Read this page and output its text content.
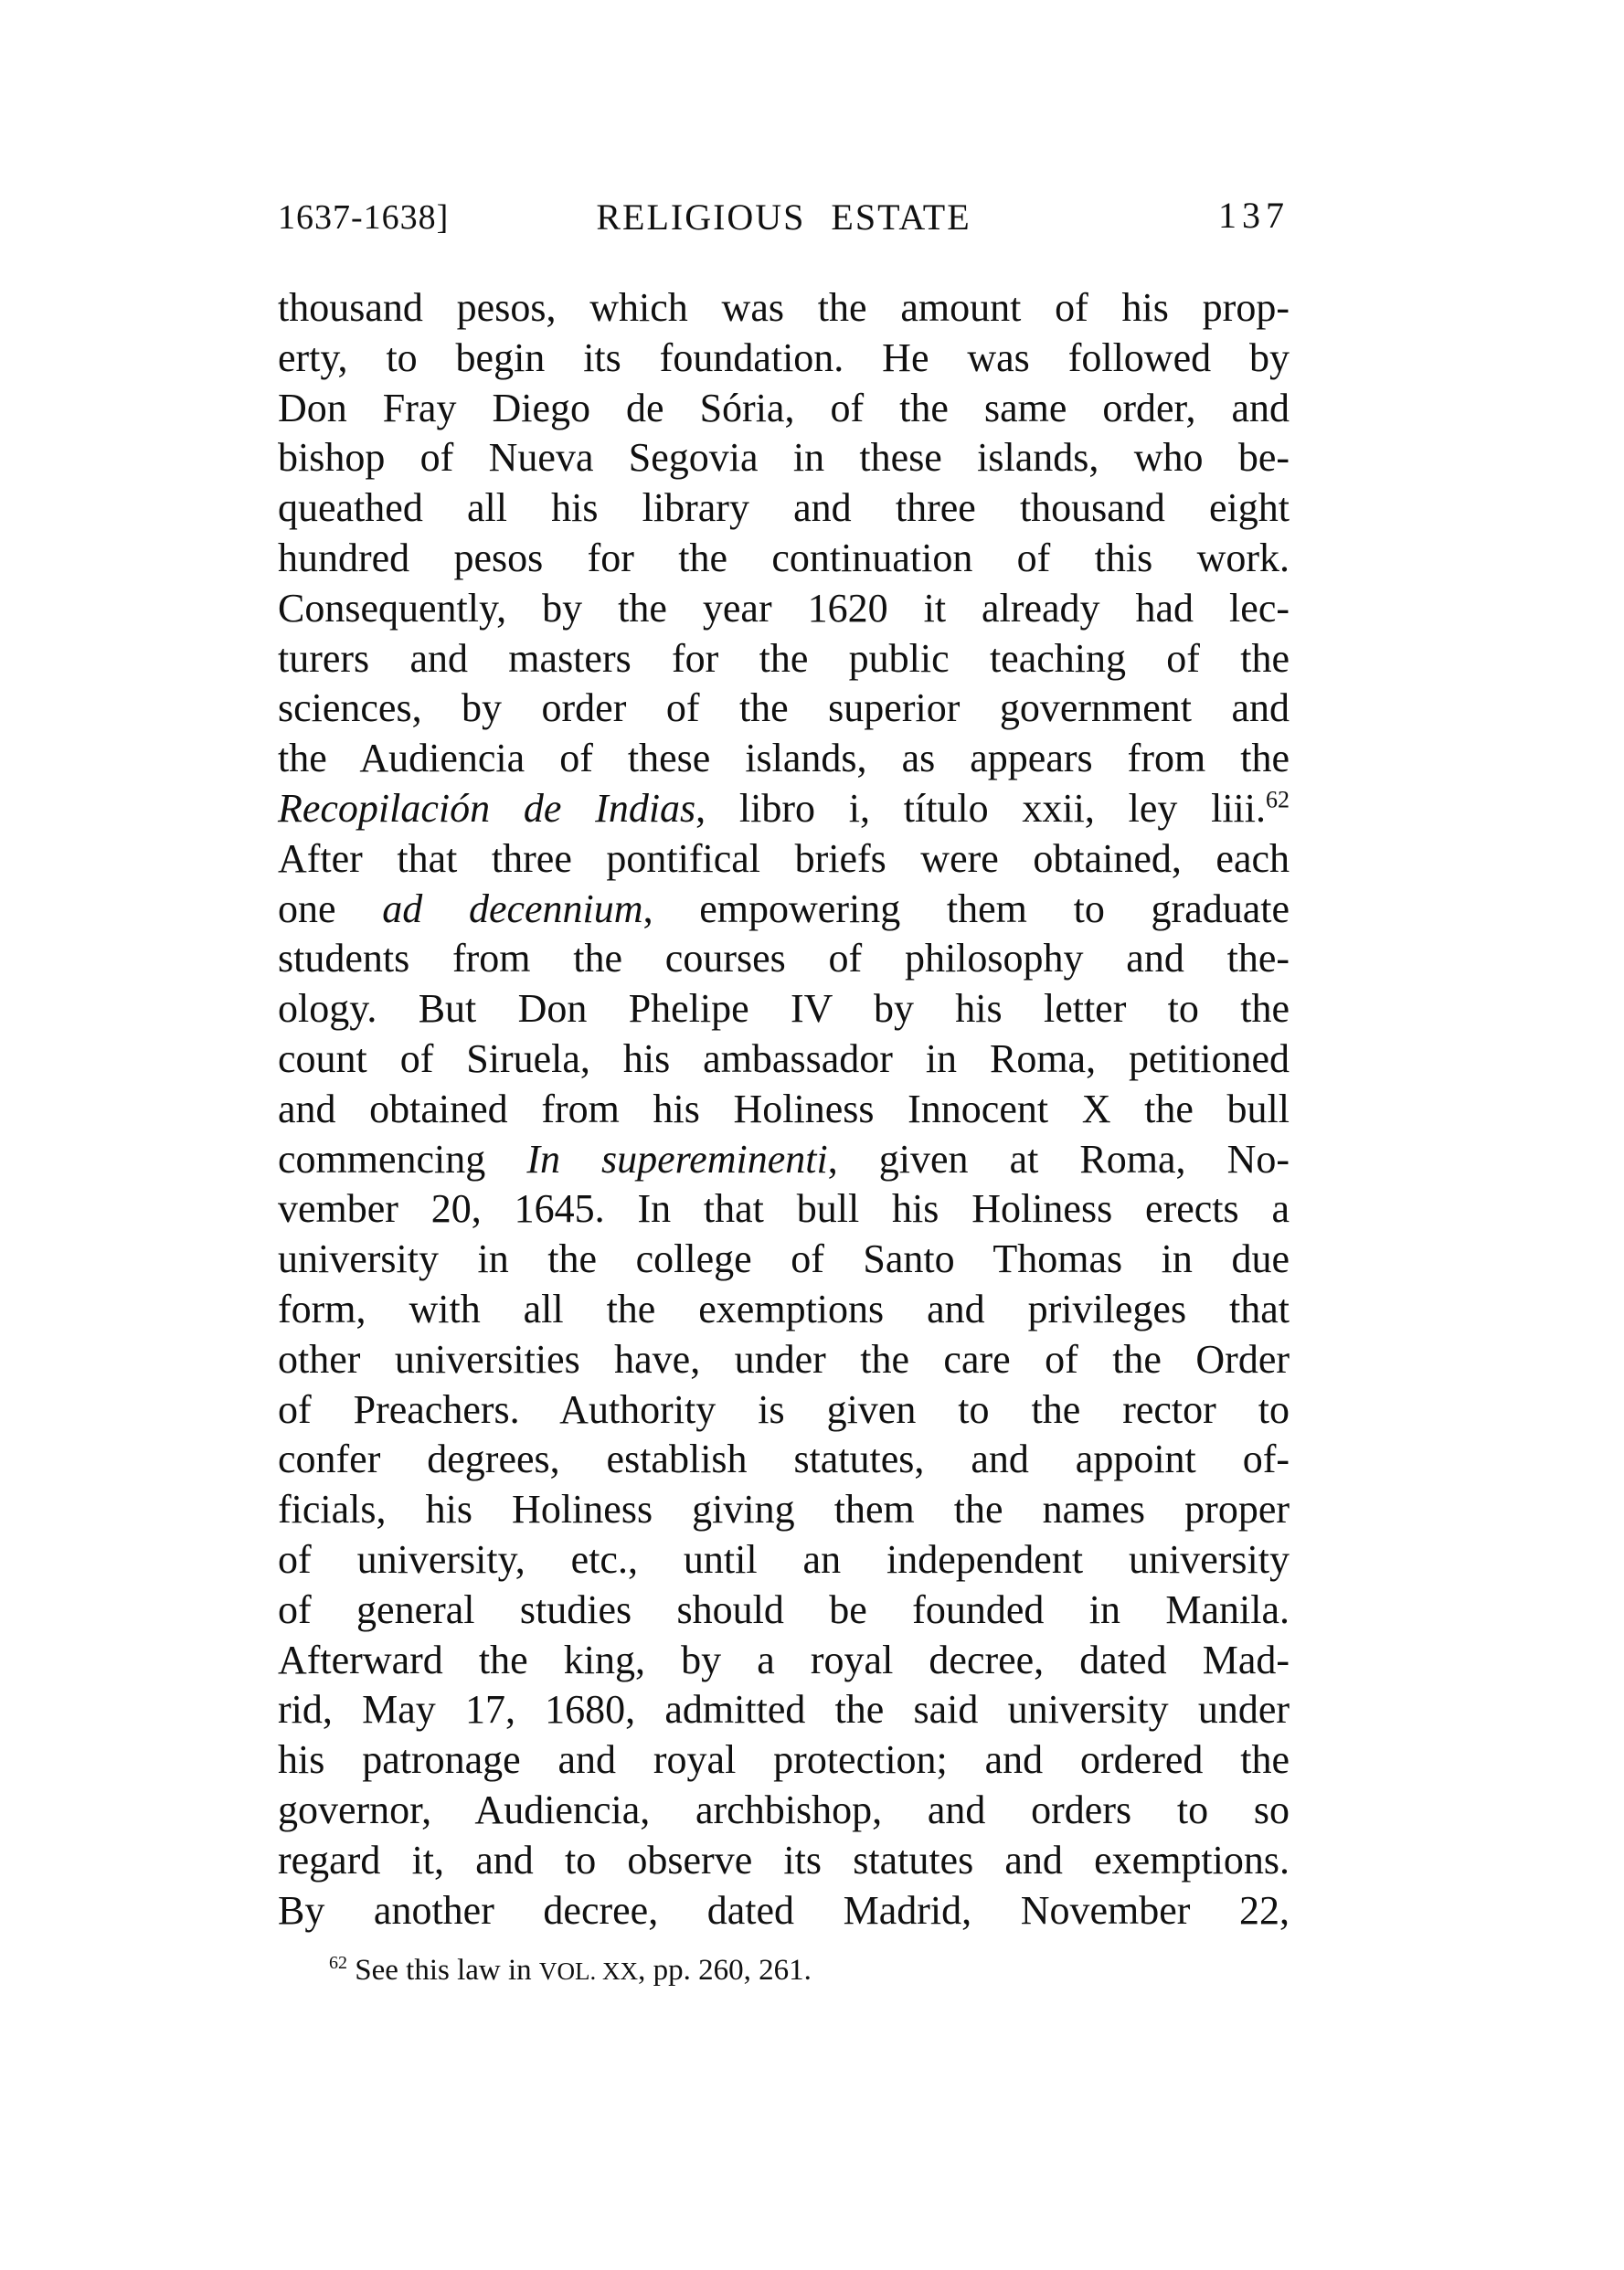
1637-1638]	RELIGIOUS ESTATE	137
thousand pesos, which was the amount of his prop-
erty, to begin its foundation. He was followed by
Don Fray Diego de Sória, of the same order, and
bishop of Nueva Segovia in these islands, who be-
queathed all his library and three thousand eight
hundred pesos for the continuation of this work.
Consequently, by the year 1620 it already had lec-
turers and masters for the public teaching of the
sciences, by order of the superior government and
the Audiencia of these islands, as appears from the
Recopilación de Indias, libro i, título xxii, ley liii.$^{62}$
After that three pontifical briefs were obtained, each
one ad decennium, empowering them to graduate
students from the courses of philosophy and the-
ology. But Don Phelipe IV by his letter to the
count of Siruela, his ambassador in Roma, petitioned
and obtained from his Holiness Innocent X the bull
commencing In supereminenti, given at Roma, No-
vember 20, 1645. In that bull his Holiness erects a
university in the college of Santo Thomas in due
form, with all the exemptions and privileges that
other universities have, under the care of the Order
of Preachers. Authority is given to the rector to
confer degrees, establish statutes, and appoint of-
ficials, his Holiness giving them the names proper
of university, etc., until an independent university
of general studies should be founded in Manila.
Afterward the king, by a royal decree, dated Mad-
rid, May 17, 1680, admitted the said university under
his patronage and royal protection; and ordered the
governor, Audiencia, archbishop, and orders to so
regard it, and to observe its statutes and exemptions.
By another decree, dated Madrid, November 22,
$^{62}$ See this law in VOL. XX, pp. 260, 261.
